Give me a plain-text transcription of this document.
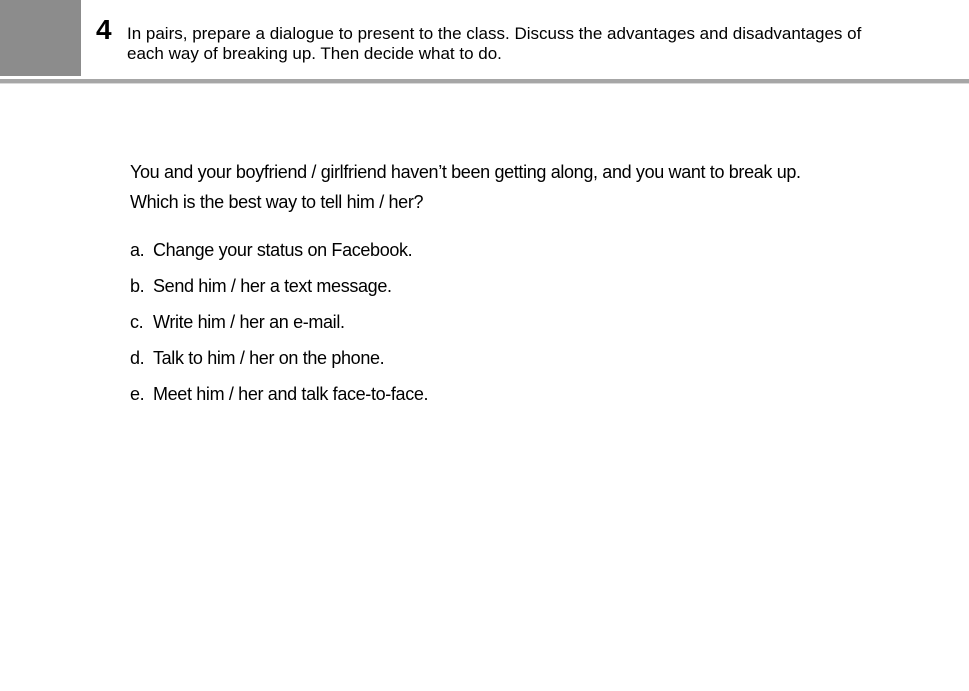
4 In pairs, prepare a dialogue to present to the class. Discuss the advantages and disadvantages of
each way of breaking up. Then decide what to do.
You and your boyfriend / girlfriend haven’t been getting along, and you want to break up.
Which is the best way to tell him / her?
a. Change your status on Facebook.
b. Send him / her a text message.
c. Write him / her an e-mail.
d. Talk to him / her on the phone.
e. Meet him / her and talk face-to-face.
